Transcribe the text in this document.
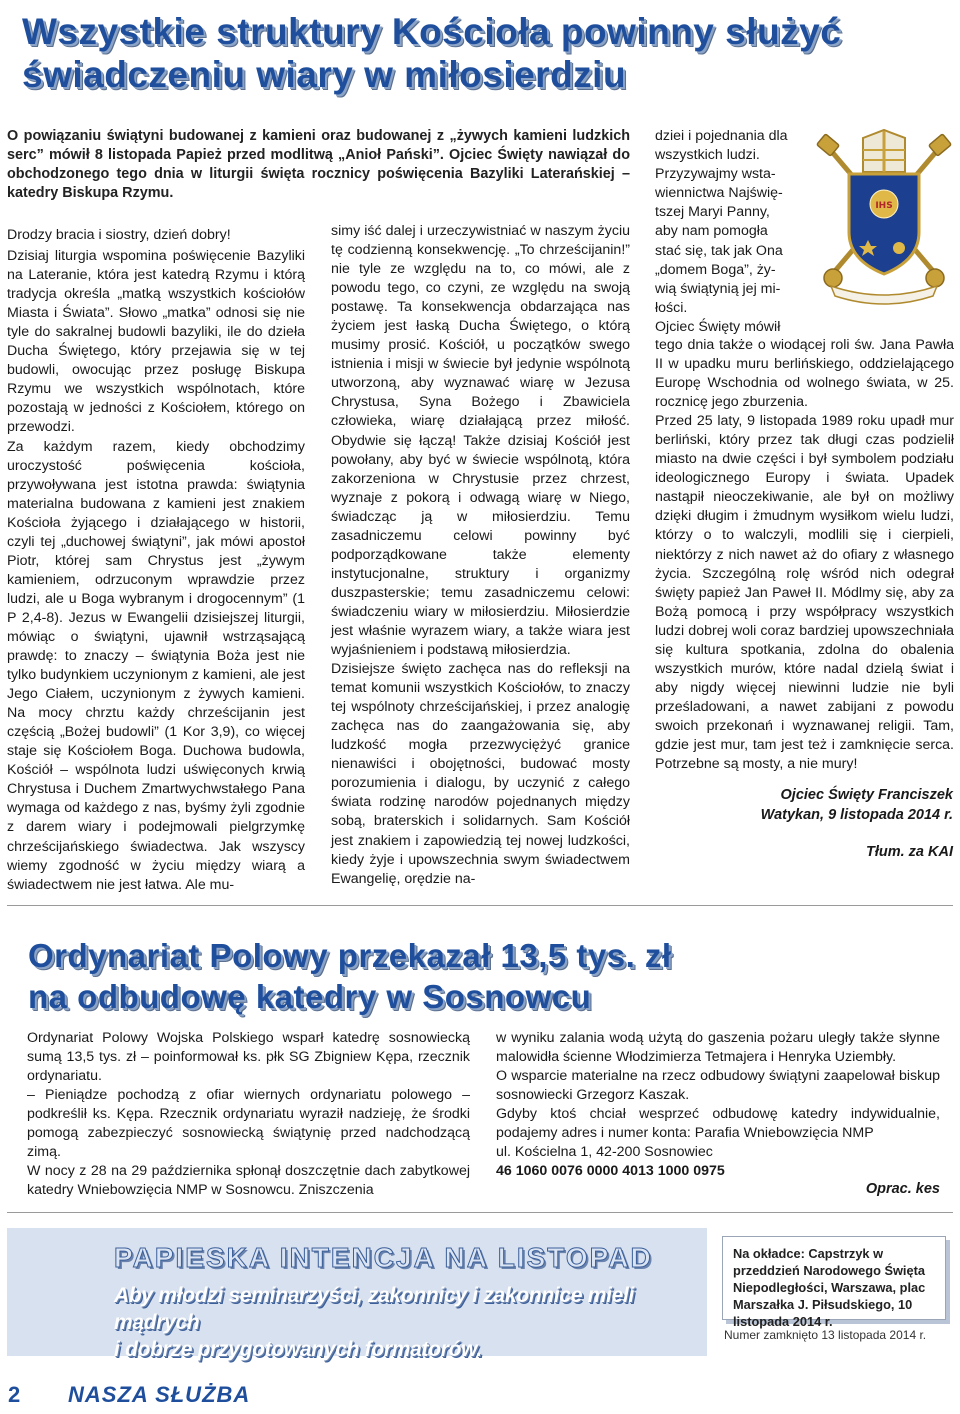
Wszystkie struktury Kościoła powinny służyć
świadczeniu wiary w miłosierdziu

O powiązaniu świątyni budowanej z kamieni oraz budowanej z „żywych kamieni ludzkich serc” mówił 8 listopada Papież przed modlitwą „Anioł Pański”. Ojciec Święty nawiązał do obchodzonego tego dnia w liturgii święta rocznicy poświęcenia Bazyliki Laterańskiej – katedry Biskupa Rzymu.

Drodzy bracia i siostry, dzień dobry!

Dzisiaj liturgia wspomina poświęcenie Bazyliki na Lateranie, która jest katedrą Rzymu i którą tradycja określa „matką wszystkich kościołów Miasta i Świata”. Słowo „matka” odnosi się nie tyle do sakralnej budowli bazyliki, ile do dzieła Ducha Świętego, który przejawia się w tej budowli, owocując przez posługę Biskupa Rzymu we wszystkich wspólnotach, które pozostają w jedności z Kościołem, którego on przewodzi.

Za każdym razem, kiedy obchodzimy uroczystość poświęcenia kościoła, przywoływana jest istotna prawda: świątynia materialna budowana z kamieni jest znakiem Kościoła żyjącego i działającego w historii, czyli tej „duchowej świątyni”, jak mówi apostoł Piotr, której sam Chrystus jest „żywym kamieniem, odrzuconym wprawdzie przez ludzi, ale u Boga wybranym i drogocennym” (1 P 2,4-8). Jezus w Ewangelii dzisiejszej liturgii, mówiąc o świątyni, ujawnił wstrząsającą prawdę: to znaczy – świątynia Boża jest nie tylko budynkiem uczynionym z kamieni, ale jest Jego Ciałem, uczynionym z żywych kamieni. Na mocy chrztu każdy chrześcijanin jest częścią „Bożej budowli” (1 Kor 3,9), co więcej staje się Kościołem Boga. Duchowa budowla, Kościół – wspólnota ludzi uświęconych krwią Chrystusa i Duchem Zmartwychwstałego Pana wymaga od każdego z nas, byśmy żyli zgodnie z darem wiary i podejmowali pielgrzymkę chrześcijańskiego świadectwa. Jak wszyscy wiemy zgodność w życiu między wiarą a świadectwem nie jest łatwa. Ale mu-

simy iść dalej i urzeczywistniać w naszym życiu tę codzienną konsekwencję. „To chrześcijanin!” nie tyle ze względu na to, co mówi, ale z powodu tego, co czyni, ze względu na swoją postawę. Ta konsekwencja obdarzająca nas życiem jest łaską Ducha Świętego, o którą musimy prosić. Kościół, u początków swego istnienia i misji w świecie był jedynie wspólnotą utworzoną, aby wyznawać wiarę w Jezusa Chrystusa, Syna Bożego i Zbawiciela człowieka, wiarę działającą przez miłość. Obydwie się łączą! Także dzisiaj Kościół jest powołany, aby być w świecie wspólnotą, która zakorzeniona w Chrystusie przez chrzest, wyznaje z pokorą i odwagą wiarę w Niego, świadcząc ją w miłosierdziu. Temu zasadniczemu celowi powinny być podporządkowane także elementy instytucjonalne, struktury i organizmy duszpasterskie; temu zasadniczemu celowi: świadczeniu wiary w miłosierdziu. Miłosierdzie jest właśnie wyrazem wiary, a także wiara jest wyjaśnieniem i podstawą miłosierdzia.

Dzisiejsze święto zachęca nas do refleksji na temat komunii wszystkich Kościołów, to znaczy tej wspólnoty chrześcijańskiej, i przez analogię zachęca nas do zaangażowania się, aby ludzkość mogła przezwyciężyć granice nienawiści i obojętności, budować mosty porozumienia i dialogu, by uczynić z całego świata rodzinę narodów pojednanych między sobą, braterskich i solidarnych. Sam Kościół jest znakiem i zapowiedzią tej nowej ludzkości, kiedy żyje i upowszechnia swym świadectwem Ewangelię, orędzie na-

dziei i pojednania dla
wszystkich ludzi.
Przyzywajmy wsta-
wiennictwa Najświę-
tszej Maryi Panny,
aby nam pomogła
stać się, tak jak Ona
„domem Boga”, ży-
wią świątynią jej mi-
łości.
Ojciec Święty mówił
IHS

tego dnia także o wiodącej roli św. Jana Pawła II w upadku muru berlińskiego, oddzielającego Europę Wschodnia od wolnego świata, w 25. rocznicę jego zburzenia.

Przed 25 laty, 9 listopada 1989 roku upadł mur berliński, który przez tak długi czas podzielił miasto na dwie części i był symbolem podziału ideologicznego Europy i świata. Upadek nastąpił nieoczekiwanie, ale był on możliwy dzięki długim i żmudnym wysiłkom wielu ludzi, którzy o to walczyli, modlili się i cierpieli, niektórzy z nich nawet aż do ofiary z własnego życia. Szczególną rolę wśród nich odegrał święty papież Jan Paweł II. Módlmy się, aby za Bożą pomocą i przy współpracy wszystkich ludzi dobrej woli coraz bardziej upowszechniała się kultura spotkania, zdolna do obalenia wszystkich murów, które nadal dzielą świat i aby nigdy więcej niewinni ludzie nie byli prześladowani, a nawet zabijani z powodu swoich przekonań i wyznawanej religii. Tam, gdzie jest mur, tam jest też i zamknięcie serca. Potrzebne są mosty, a nie mury!

Ojciec Święty Franciszek
Watykan, 9 listopada 2014 r.
Tłum. za KAI
Ordynariat Polowy przekazał 13,5 tys. zł
na odbudowę katedry w Sosnowcu

Ordynariat Polowy Wojska Polskiego wsparł katedrę sosnowiecką sumą 13,5 tys. zł – poinformował ks. płk SG Zbigniew Kępa, rzecznik ordynariatu.

– Pieniądze pochodzą z ofiar wiernych ordynariatu polowego – podkreślił ks. Kępa. Rzecznik ordynariatu wyraził nadzieję, że środki pomogą zabezpieczyć sosnowiecką świątynię przed nadchodzącą zimą.

W nocy z 28 na 29 października spłonął doszczętnie dach zabytkowej katedry Wniebowzięcia NMP w Sosnowcu. Zniszczenia

w wyniku zalania wodą użytą do gaszenia pożaru uległy także słynne malowidła ścienne Włodzimierza Tetmajera i Henryka Uziembły.

O wsparcie materialne na rzecz odbudowy świątyni zaapelował biskup sosnowiecki Grzegorz Kaszak.

Gdyby ktoś chciał wesprzeć odbudowę katedry indywidualnie, podajemy adres i numer konta: Parafia Wniebowzięcia NMP

ul. Kościelna 1, 42-200 Sosnowiec

46 1060 0076 0000 4013 1000 0975

Oprac. kes
PAPIESKA INTENCJA NA LISTOPAD
Aby młodzi seminarzyści, zakonnicy i zakonnice mieli mądrych
i dobrze przygotowanych formatorów.
Na okładce: Capstrzyk w przeddzień Narodowego Święta Niepodległości, Warszawa, plac Marszałka J. Piłsudskiego, 10 listopada 2014 r.
Numer zamknięto 13 listopada 2014 r.
2 NASZA SŁUŻBA
